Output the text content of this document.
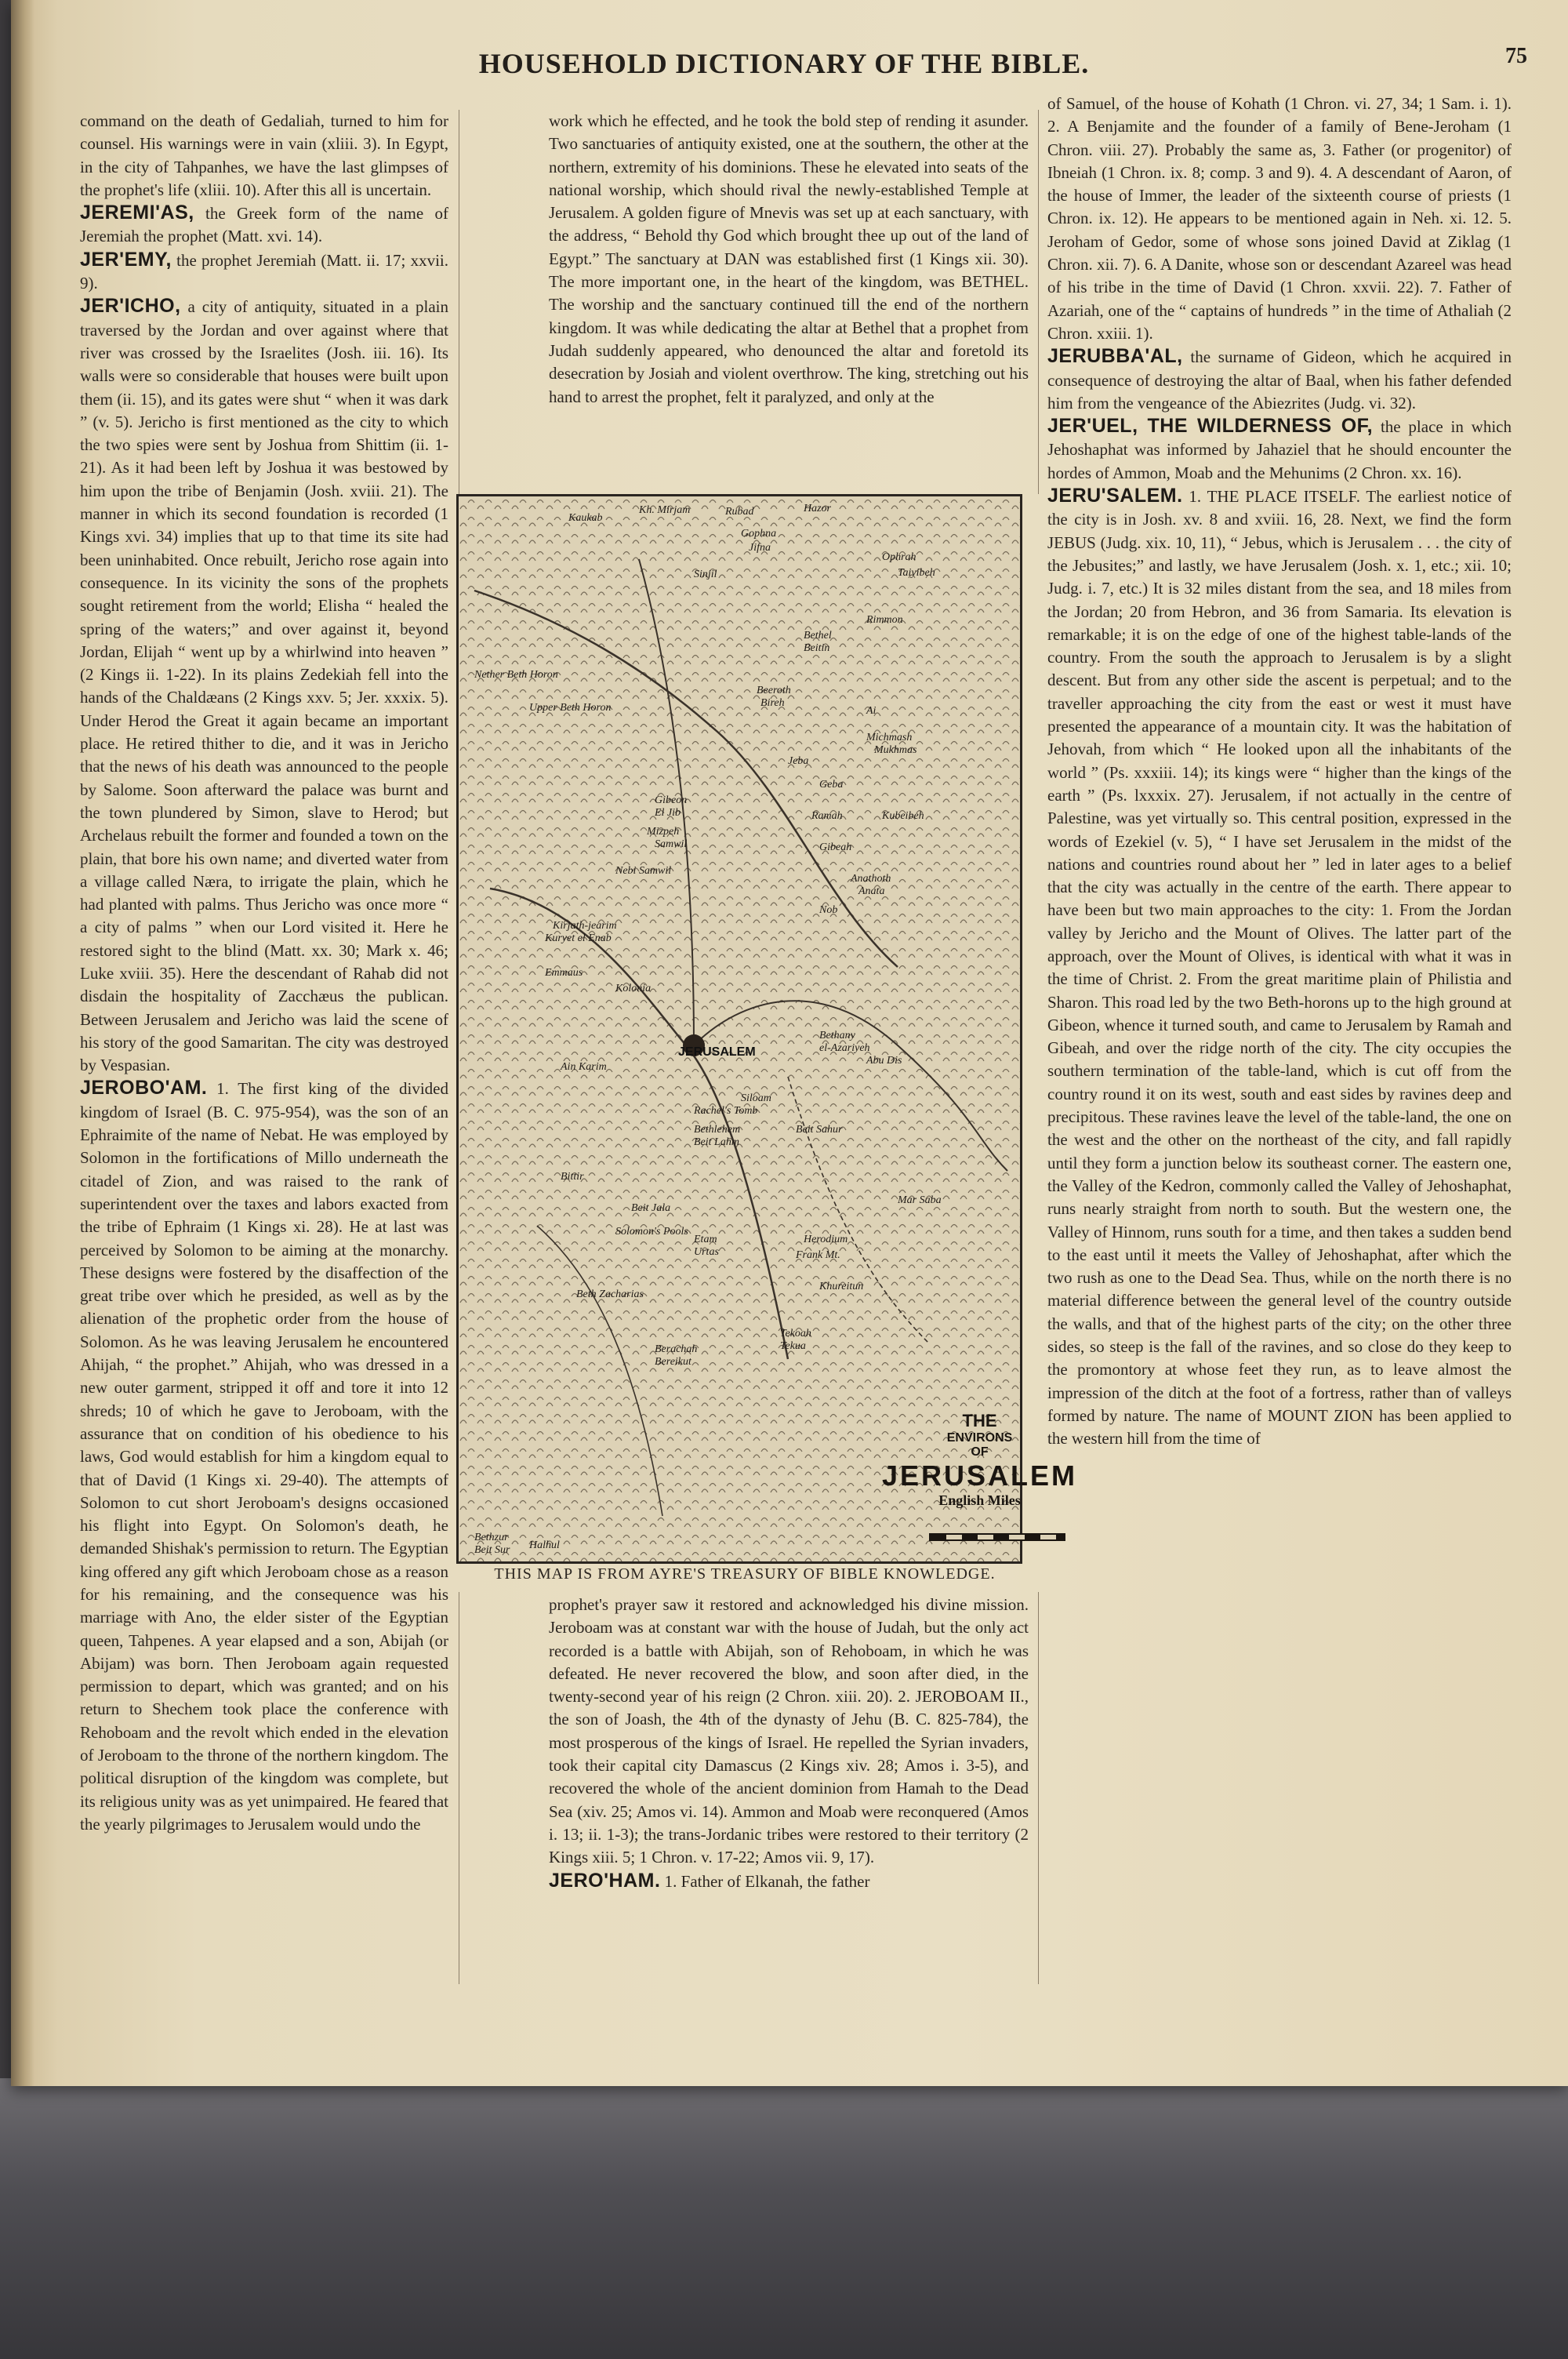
HOUSEHOLD DICTIONARY OF THE BIBLE.	75

command on the death of Gedaliah, turned to him for counsel. His warnings were in vain (xliii. 3). In Egypt, in the city of Tahpanhes, we have the last glimpses of the prophet's life (xliii. 10). After this all is uncertain.

JEREMI'AS, the Greek form of the name of Jeremiah the prophet (Matt. xvi. 14).

JER'EMY, the prophet Jeremiah (Matt. ii. 17; xxvii. 9).

JER'ICHO, a city of antiquity, situated in a plain traversed by the Jordan and over against where that river was crossed by the Israelites (Josh. iii. 16). Its walls were so considerable that houses were built upon them (ii. 15), and its gates were shut “ when it was dark ” (v. 5). Jericho is first mentioned as the city to which the two spies were sent by Joshua from Shittim (ii. 1-21). As it had been left by Joshua it was bestowed by him upon the tribe of Benjamin (Josh. xviii. 21). The manner in which its second foundation is recorded (1 Kings xvi. 34) implies that up to that time its site had been uninhabited. Once rebuilt, Jericho rose again into consequence. In its vicinity the sons of the prophets sought retirement from the world; Elisha “ healed the spring of the waters;” and over against it, beyond Jordan, Elijah “ went up by a whirlwind into heaven ” (2 Kings ii. 1-22). In its plains Zedekiah fell into the hands of the Chaldæans (2 Kings xxv. 5; Jer. xxxix. 5). Under Herod the Great it again became an important place. He retired thither to die, and it was in Jericho that the news of his death was announced to the people by Salome. Soon afterward the palace was burnt and the town plundered by Simon, slave to Herod; but Archelaus rebuilt the former and founded a town on the plain, that bore his own name; and diverted water from a village called Næra, to irrigate the plain, which he had planted with palms. Thus Jericho was once more “ a city of palms ” when our Lord visited it. Here he restored sight to the blind (Matt. xx. 30; Mark x. 46; Luke xviii. 35). Here the descendant of Rahab did not disdain the hospitality of Zacchæus the publican. Between Jerusalem and Jericho was laid the scene of his story of the good Samaritan. The city was destroyed by Vespasian.

JEROBO'AM. 1. The first king of the divided kingdom of Israel (B. C. 975-954), was the son of an Ephraimite of the name of Nebat. He was employed by Solomon in the fortifications of Millo underneath the citadel of Zion, and was raised to the rank of superintendent over the taxes and labors exacted from the tribe of Ephraim (1 Kings xi. 28). He at last was perceived by Solomon to be aiming at the monarchy. These designs were fostered by the disaffection of the great tribe over which he presided, as well as by the alienation of the prophetic order from the house of Solomon. As he was leaving Jerusalem he encountered Ahijah, “ the prophet.” Ahijah, who was dressed in a new outer garment, stripped it off and tore it into 12 shreds; 10 of which he gave to Jeroboam, with the assurance that on condition of his obedience to his laws, God would establish for him a kingdom equal to that of David (1 Kings xi. 29-40). The attempts of Solomon to cut short Jeroboam's designs occasioned his flight into Egypt. On Solomon's death, he demanded Shishak's permission to return. The Egyptian king offered any gift which Jeroboam chose as a reason for his remaining, and the consequence was his marriage with Ano, the elder sister of the Egyptian queen, Tahpenes. A year elapsed and a son, Abijah (or Abijam) was born. Then Jeroboam again requested permission to depart, which was granted; and on his return to Shechem took place the conference with Rehoboam and the revolt which ended in the elevation of Jeroboam to the throne of the northern kingdom. The political disruption of the kingdom was complete, but its religious unity was as yet unimpaired. He feared that the yearly pilgrimages to Jerusalem would undo the

work which he effected, and he took the bold step of rending it asunder. Two sanctuaries of antiquity existed, one at the southern, the other at the northern, extremity of his dominions. These he elevated into seats of the national worship, which should rival the newly-established Temple at Jerusalem. A golden figure of Mnevis was set up at each sanctuary, with the address, “ Behold thy God which brought thee up out of the land of Egypt.” The sanctuary at DAN was established first (1 Kings xii. 30). The more important one, in the heart of the kingdom, was BETHEL. The worship and the sanctuary continued till the end of the northern kingdom. It was while dedicating the altar at Bethel that a prophet from Judah suddenly appeared, who denounced the altar and foretold its desecration by Josiah and violent overthrow. The king, stretching out his hand to arrest the prophet, felt it paralyzed, and only at the

JERUSALEM
Kaukab
Kh. Mirjam	Rubad	Hazor
Gophna
Jifna
Sinjil
Ophrah
Taiyibeh
Rimmon
Bethel
Beitin
Beeroth
Bireh
Ai
Michmash
Mukhmas
Geba
Ramah
Gibeah
Anathoth
Anata
Nob
Mizpeh
Samwil
Gibeon
El Jib
Upper Beth Horon
Nether Beth Horon
Kirjath-jearim
Kuryet el Enab
Emmaus
Kolonia
Bethany
el-Azariyeh
Abu Dis
Siloam
Bittir
Beit Sahur
Bethlehem
Beit Lahm
Rachel's Tomb
Tekoah
Tekua
Etam
Urtas
Solomon's Pools
Frank Mt.
Herodium
Beth Zacharias
Bethzur
Beit Sur Halhul
Berachah
Bereikut
Khureitun
Mar Saba
Jeba
Kubeibeh
Nebi Samwil
Ain Karim
Beit Jala
THE
ENVIRONS
OF
JERUSALEM
English Miles
THIS MAP IS FROM AYRE'S TREASURY OF BIBLE KNOWLEDGE.

prophet's prayer saw it restored and acknowledged his divine mission. Jeroboam was at constant war with the house of Judah, but the only act recorded is a battle with Abijah, son of Rehoboam, in which he was defeated. He never recovered the blow, and soon after died, in the twenty-second year of his reign (2 Chron. xiii. 20). 2. JEROBOAM II., the son of Joash, the 4th of the dynasty of Jehu (B. C. 825-784), the most prosperous of the kings of Israel. He repelled the Syrian invaders, took their capital city Damascus (2 Kings xiv. 28; Amos i. 3-5), and recovered the whole of the ancient dominion from Hamah to the Dead Sea (xiv. 25; Amos vi. 14). Ammon and Moab were reconquered (Amos i. 13; ii. 1-3); the trans-Jordanic tribes were restored to their territory (2 Kings xiii. 5; 1 Chron. v. 17-22; Amos vii. 9, 17).

JERO'HAM. 1. Father of Elkanah, the father

of Samuel, of the house of Kohath (1 Chron. vi. 27, 34; 1 Sam. i. 1). 2. A Benjamite and the founder of a family of Bene-Jeroham (1 Chron. viii. 27). Probably the same as, 3. Father (or progenitor) of Ibneiah (1 Chron. ix. 8; comp. 3 and 9). 4. A descendant of Aaron, of the house of Immer, the leader of the sixteenth course of priests (1 Chron. ix. 12). He appears to be mentioned again in Neh. xi. 12. 5. Jeroham of Gedor, some of whose sons joined David at Ziklag (1 Chron. xii. 7). 6. A Danite, whose son or descendant Azareel was head of his tribe in the time of David (1 Chron. xxvii. 22). 7. Father of Azariah, one of the “ captains of hundreds ” in the time of Athaliah (2 Chron. xxiii. 1).

JERUBBA'AL, the surname of Gideon, which he acquired in consequence of destroying the altar of Baal, when his father defended him from the vengeance of the Abiezrites (Judg. vi. 32).

JER'UEL, THE WILDERNESS OF, the place in which Jehoshaphat was informed by Jahaziel that he should encounter the hordes of Ammon, Moab and the Mehunims (2 Chron. xx. 16).

JERU'SALEM. 1. THE PLACE ITSELF. The earliest notice of the city is in Josh. xv. 8 and xviii. 16, 28. Next, we find the form JEBUS (Judg. xix. 10, 11), “ Jebus, which is Jerusalem . . . the city of the Jebusites;” and lastly, we have Jerusalem (Josh. x. 1, etc.; xii. 10; Judg. i. 7, etc.) It is 32 miles distant from the sea, and 18 miles from the Jordan; 20 from Hebron, and 36 from Samaria. Its elevation is remarkable; it is on the edge of one of the highest table-lands of the country. From the south the approach to Jerusalem is by a slight descent. But from any other side the ascent is perpetual; and to the traveller approaching the city from the east or west it must have presented the appearance of a mountain city. It was the habitation of Jehovah, from which “ He looked upon all the inhabitants of the world ” (Ps. xxxiii. 14); its kings were “ higher than the kings of the earth ” (Ps. lxxxix. 27). Jerusalem, if not actually in the centre of Palestine, was yet virtually so. This central position, expressed in the words of Ezekiel (v. 5), “ I have set Jerusalem in the midst of the nations and countries round about her ” led in later ages to a belief that the city was actually in the centre of the earth. There appear to have been but two main approaches to the city: 1. From the Jordan valley by Jericho and the Mount of Olives. The latter part of the approach, over the Mount of Olives, is identical with what it was in the time of Christ. 2. From the great maritime plain of Philistia and Sharon. This road led by the two Beth-horons up to the high ground at Gibeon, whence it turned south, and came to Jerusalem by Ramah and Gibeah, and over the ridge north of the city. The city occupies the southern termination of the table-land, which is cut off from the country round it on its west, south and east sides by ravines deep and precipitous. These ravines leave the level of the table-land, the one on the west and the other on the northeast of the city, and fall rapidly until they form a junction below its southeast corner. The eastern one, the Valley of the Kedron, commonly called the Valley of Jehoshaphat, runs nearly straight from north to south. But the western one, the Valley of Hinnom, runs south for a time, and then takes a sudden bend to the east until it meets the Valley of Jehoshaphat, after which the two rush as one to the Dead Sea. Thus, while on the north there is no material difference between the general level of the country outside the walls, and that of the highest parts of the city; on the other three sides, so steep is the fall of the ravines, and so close do they keep to the promontory at whose feet they run, as to leave almost the impression of the ditch at the foot of a fortress, rather than of valleys formed by nature. The name of MOUNT ZION has been applied to the western hill from the time of
